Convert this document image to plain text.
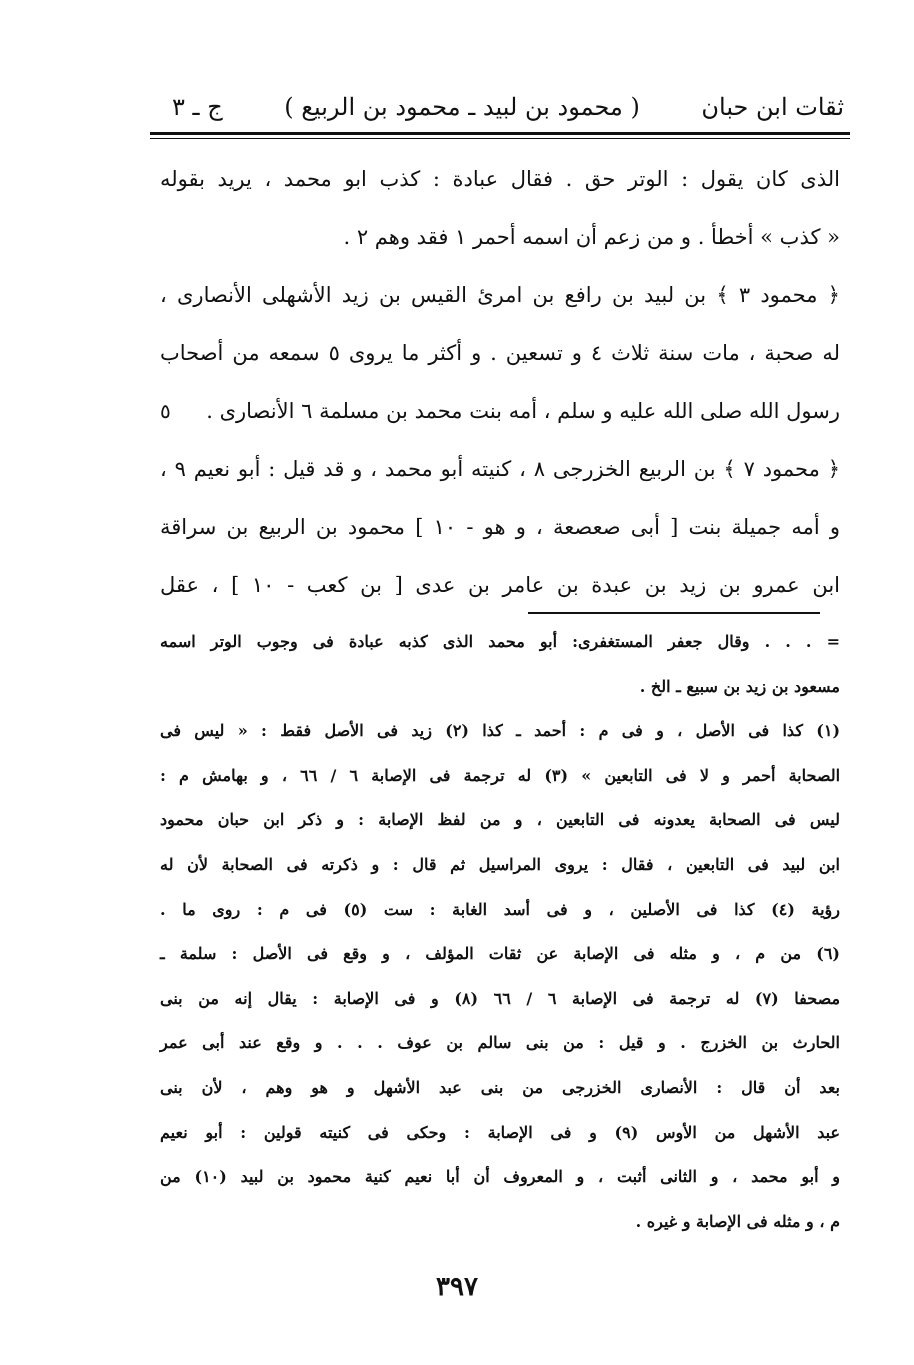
ثقات ابن حبان
( محمود بن لبيد ـ محمود بن الربيع )
ج ـ ٣
الذى كان يقول : الوتر حق . فقال عبادة : كذب ابو محمد ، يريد بقوله
« كذب » أخطأ . و من زعم أن اسمه أحمر ١ فقد وهم ٢ .
﴿ محمود ٣ ﴾ بن لبيد بن رافع بن امرئ القيس بن زيد الأشهلى الأنصارى ،
له صحبة ، مات سنة ثلاث ٤ و تسعين . و أكثر ما يروى ٥ سمعه من أصحاب
٥ رسول الله صلى الله عليه و سلم ، أمه بنت محمد بن مسلمة ٦ الأنصارى .
﴿ محمود ٧ ﴾ بن الربيع الخزرجى ٨ ، كنيته أبو محمد ، و قد قيل : أبو نعيم ٩ ،
و أمه جميلة بنت [ أبى صعصعة ، و هو - ١٠ ] محمود بن الربيع بن سراقة
ابن عمرو بن زيد بن عبدة بن عامر بن عدى [ بن كعب - ١٠ ] ، عقل
= . . . وقال جعفر المستغفرى: أبو محمد الذى كذبه عبادة فى وجوب الوتر اسمه
مسعود بن زيد بن سبيع ـ الخ .
(١) كذا فى الأصل ، و فى م : أحمد ـ كذا (٢) زيد فى الأصل فقط : « ليس فى
الصحابة أحمر و لا فى التابعين » (٣) له ترجمة فى الإصابة ٦ / ٦٦ ، و بهامش م :
ليس فى الصحابة يعدونه فى التابعين ، و من لفظ الإصابة : و ذكر ابن حبان محمود
ابن لبيد فى التابعين ، فقال : يروى المراسيل ثم قال : و ذكرته فى الصحابة لأن له
رؤية (٤) كذا فى الأصلين ، و فى أسد الغابة : ست (٥) فى م : روى ما .
(٦) من م ، و مثله فى الإصابة عن ثقات المؤلف ، و وقع فى الأصل : سلمة ـ
مصحفا (٧) له ترجمة فى الإصابة ٦ / ٦٦ (٨) و فى الإصابة : يقال إنه من بنى
الحارث بن الخزرج . و قيل : من بنى سالم بن عوف . . . و وقع عند أبى عمر
بعد أن قال : الأنصارى الخزرجى من بنى عبد الأشهل و هو وهم ، لأن بنى
عبد الأشهل من الأوس (٩) و فى الإصابة : وحكى فى كنيته قولين : أبو نعيم
و أبو محمد ، و الثانى أثبت ، و المعروف أن أبا نعيم كنية محمود بن لبيد (١٠) من
م ، و مثله فى الإصابة و غيره .
٣٩٧
